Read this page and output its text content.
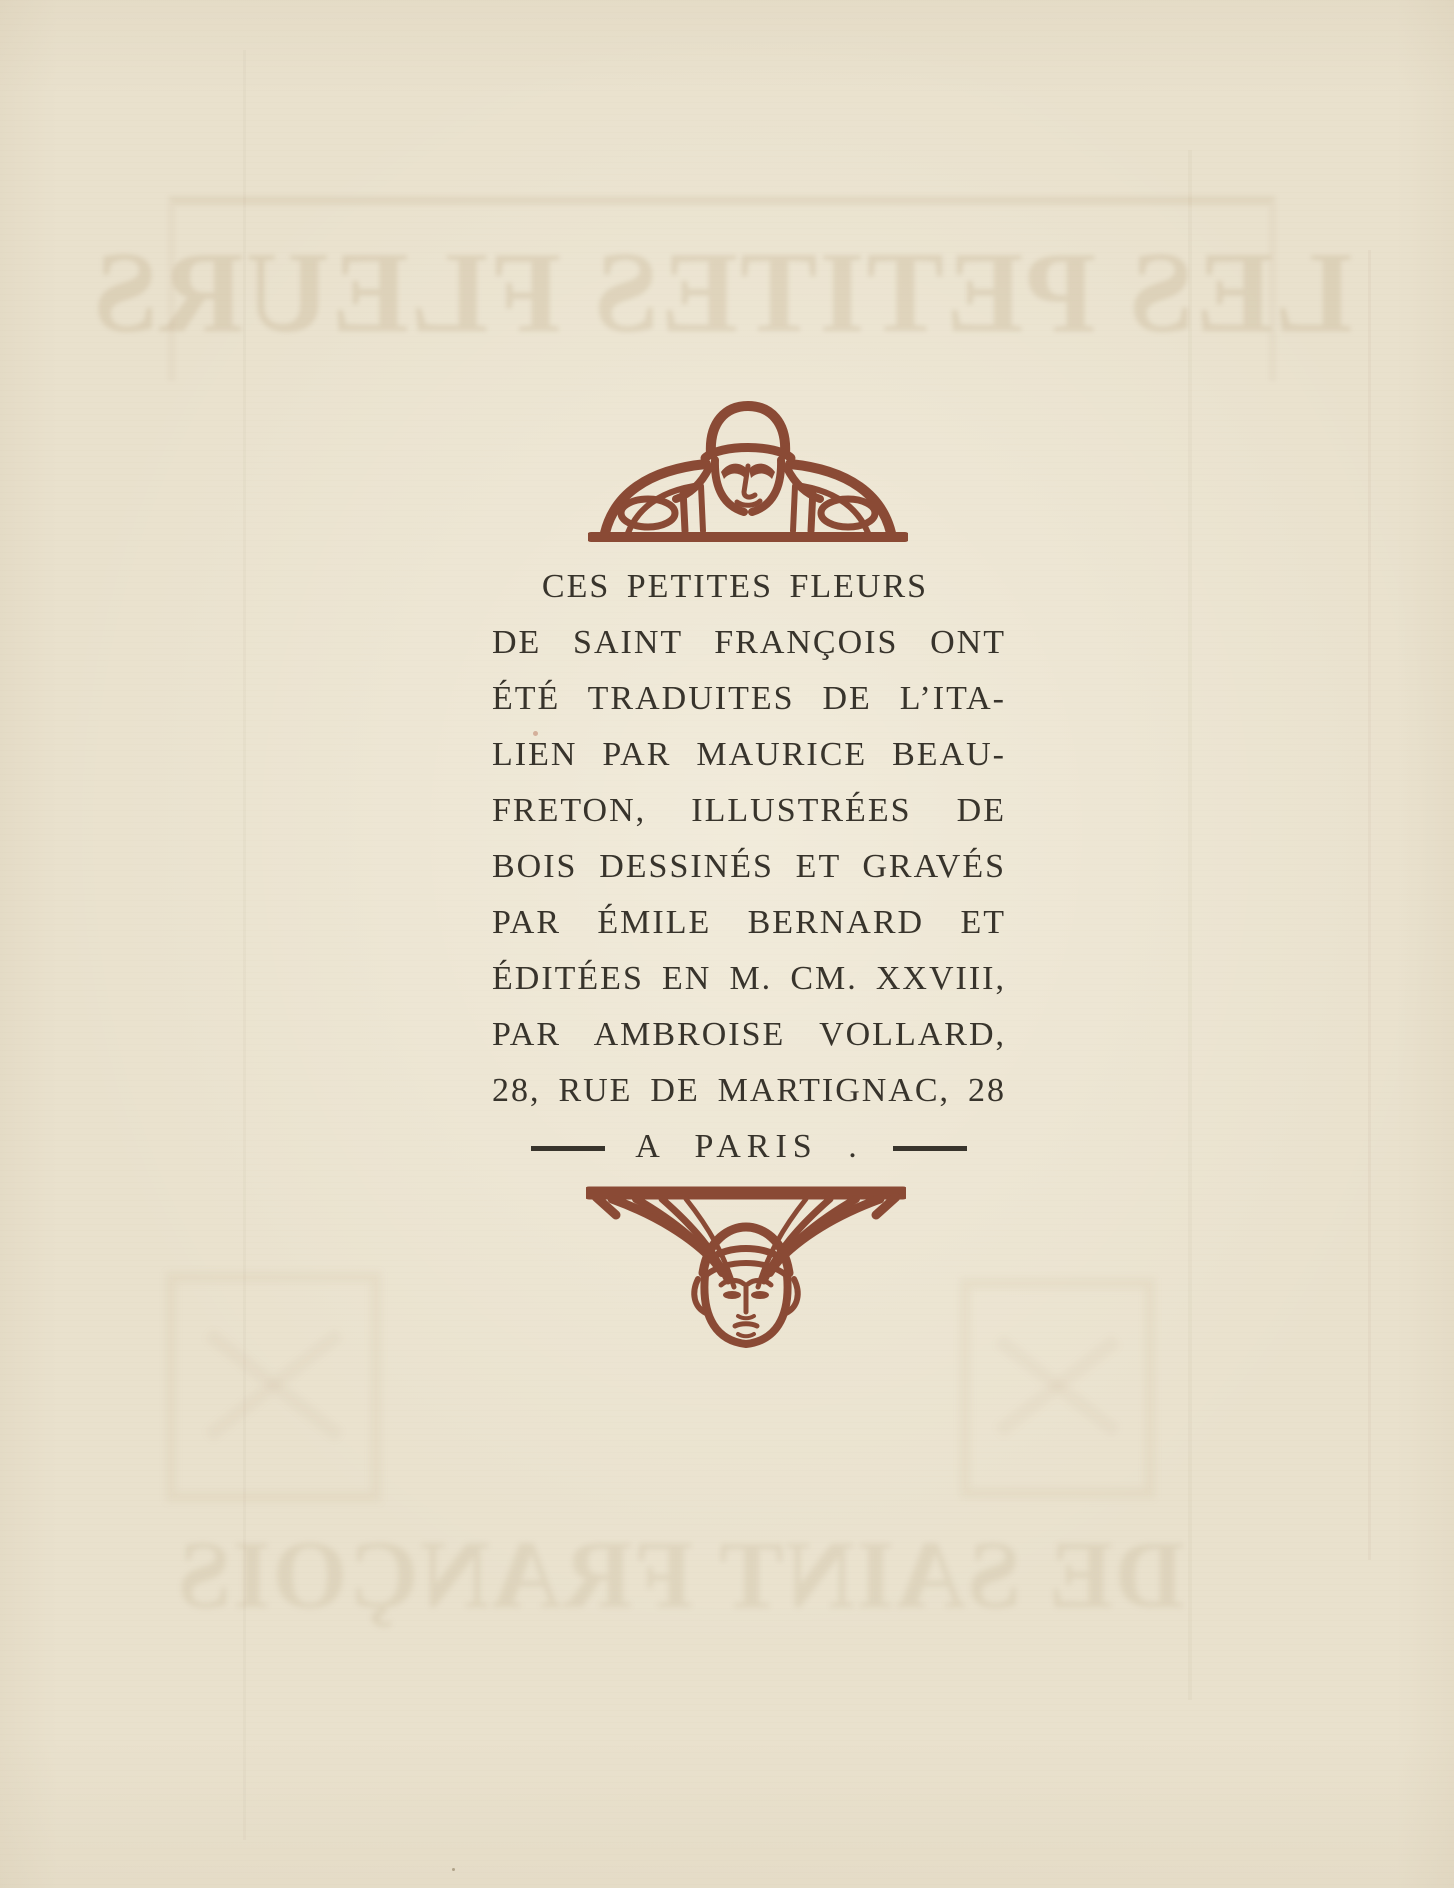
LES PETITES FLEURS
DE SAINT FRANÇOIS
CES PETITES FLEURS
DE SAINT FRANÇOIS ONT
ÉTÉ TRADUITES DE L’ITA-
LIEN PAR MAURICE BEAU-
FRETON, ILLUSTRÉES DE
BOIS DESSINÉS ET GRAVÉS
PAR ÉMILE BERNARD ET
ÉDITÉES EN M. CM. XXVIII,
PAR AMBROISE VOLLARD,
28, RUE DE MARTIGNAC, 28
A PARIS .
